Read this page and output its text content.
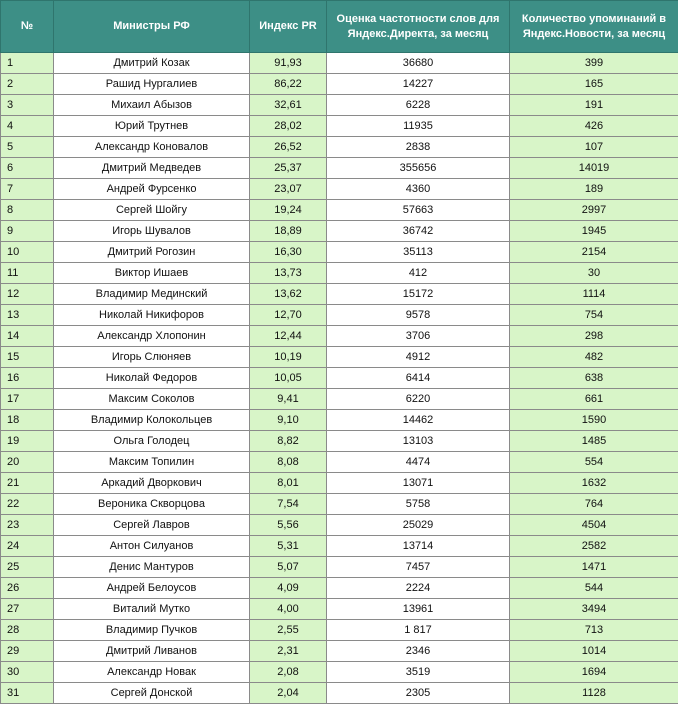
№	Министры РФ	Индекс PR	Оценка частотности слов для Яндекс.Директа, за месяц	Количество упоминаний в Яндекс.Новости, за месяц
1	Дмитрий Козак	91,93	36680	399
2	Рашид Нургалиев	86,22	14227	165
3	Михаил Абызов	32,61	6228	191
4	Юрий Трутнев	28,02	11935	426
5	Александр Коновалов	26,52	2838	107
6	Дмитрий Медведев	25,37	355656	14019
7	Андрей Фурсенко	23,07	4360	189
8	Сергей Шойгу	19,24	57663	2997
9	Игорь Шувалов	18,89	36742	1945
10	Дмитрий Рогозин	16,30	35113	2154
11	Виктор Ишаев	13,73	412	30
12	Владимир Мединский	13,62	15172	1114
13	Николай Никифоров	12,70	9578	754
14	Александр Хлопонин	12,44	3706	298
15	Игорь Слюняев	10,19	4912	482
16	Николай Федоров	10,05	6414	638
17	Максим Соколов	9,41	6220	661
18	Владимир Колокольцев	9,10	14462	1590
19	Ольга Голодец	8,82	13103	1485
20	Максим Топилин	8,08	4474	554
21	Аркадий Дворкович	8,01	13071	1632
22	Вероника Скворцова	7,54	5758	764
23	Сергей Лавров	5,56	25029	4504
24	Антон Силуанов	5,31	13714	2582
25	Денис Мантуров	5,07	7457	1471
26	Андрей Белоусов	4,09	2224	544
27	Виталий Мутко	4,00	13961	3494
28	Владимир Пучков	2,55	1 817	713
29	Дмитрий Ливанов	2,31	2346	1014
30	Александр Новак	2,08	3519	1694
31	Сергей Донской	2,04	2305	1128
